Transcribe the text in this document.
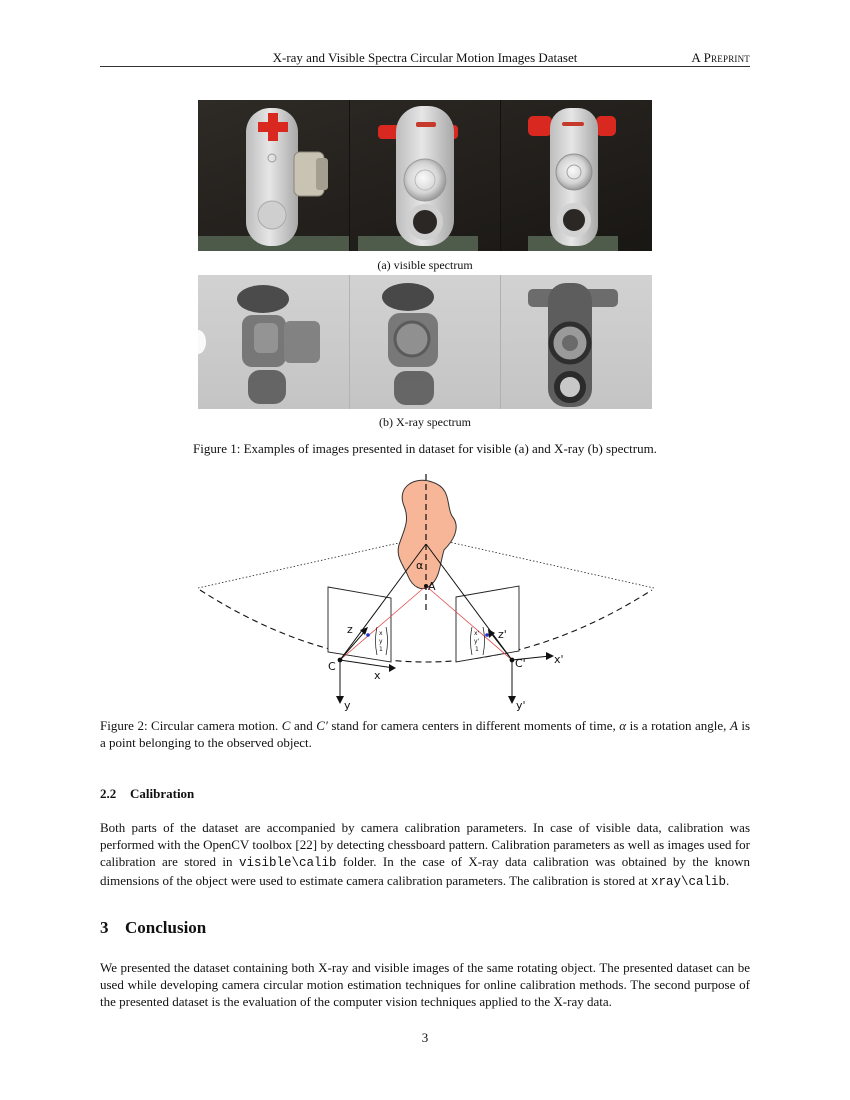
X-ray and Visible Spectra Circular Motion Images Dataset	A Preprint
(a) visible spectrum
(b) X-ray spectrum
Figure 1: Examples of images presented in dataset for visible (a) and X-ray (b) spectrum.
α
A
C
x
y
z
C'	x'
y'
z'
x
y
1
x'
y'
1
Figure 2: Circular camera motion. C and C′ stand for camera centers in different moments of time, α is a rotation angle, A is a point belonging to the observed object.
2.2 Calibration
Both parts of the dataset are accompanied by camera calibration parameters. In case of visible data, calibration was performed with the OpenCV toolbox [22] by detecting chessboard pattern. Calibration parameters as well as images used for calibration are stored in visible\calib folder. In the case of X-ray data calibration was obtained by the known dimensions of the object were used to estimate camera calibration parameters. The calibration is stored at xray\calib.
3 Conclusion
We presented the dataset containing both X-ray and visible images of the same rotating object. The presented dataset can be used while developing camera circular motion estimation techniques for online calibration methods. The second purpose of the presented dataset is the evaluation of the computer vision techniques applied to the X-ray data.
3
